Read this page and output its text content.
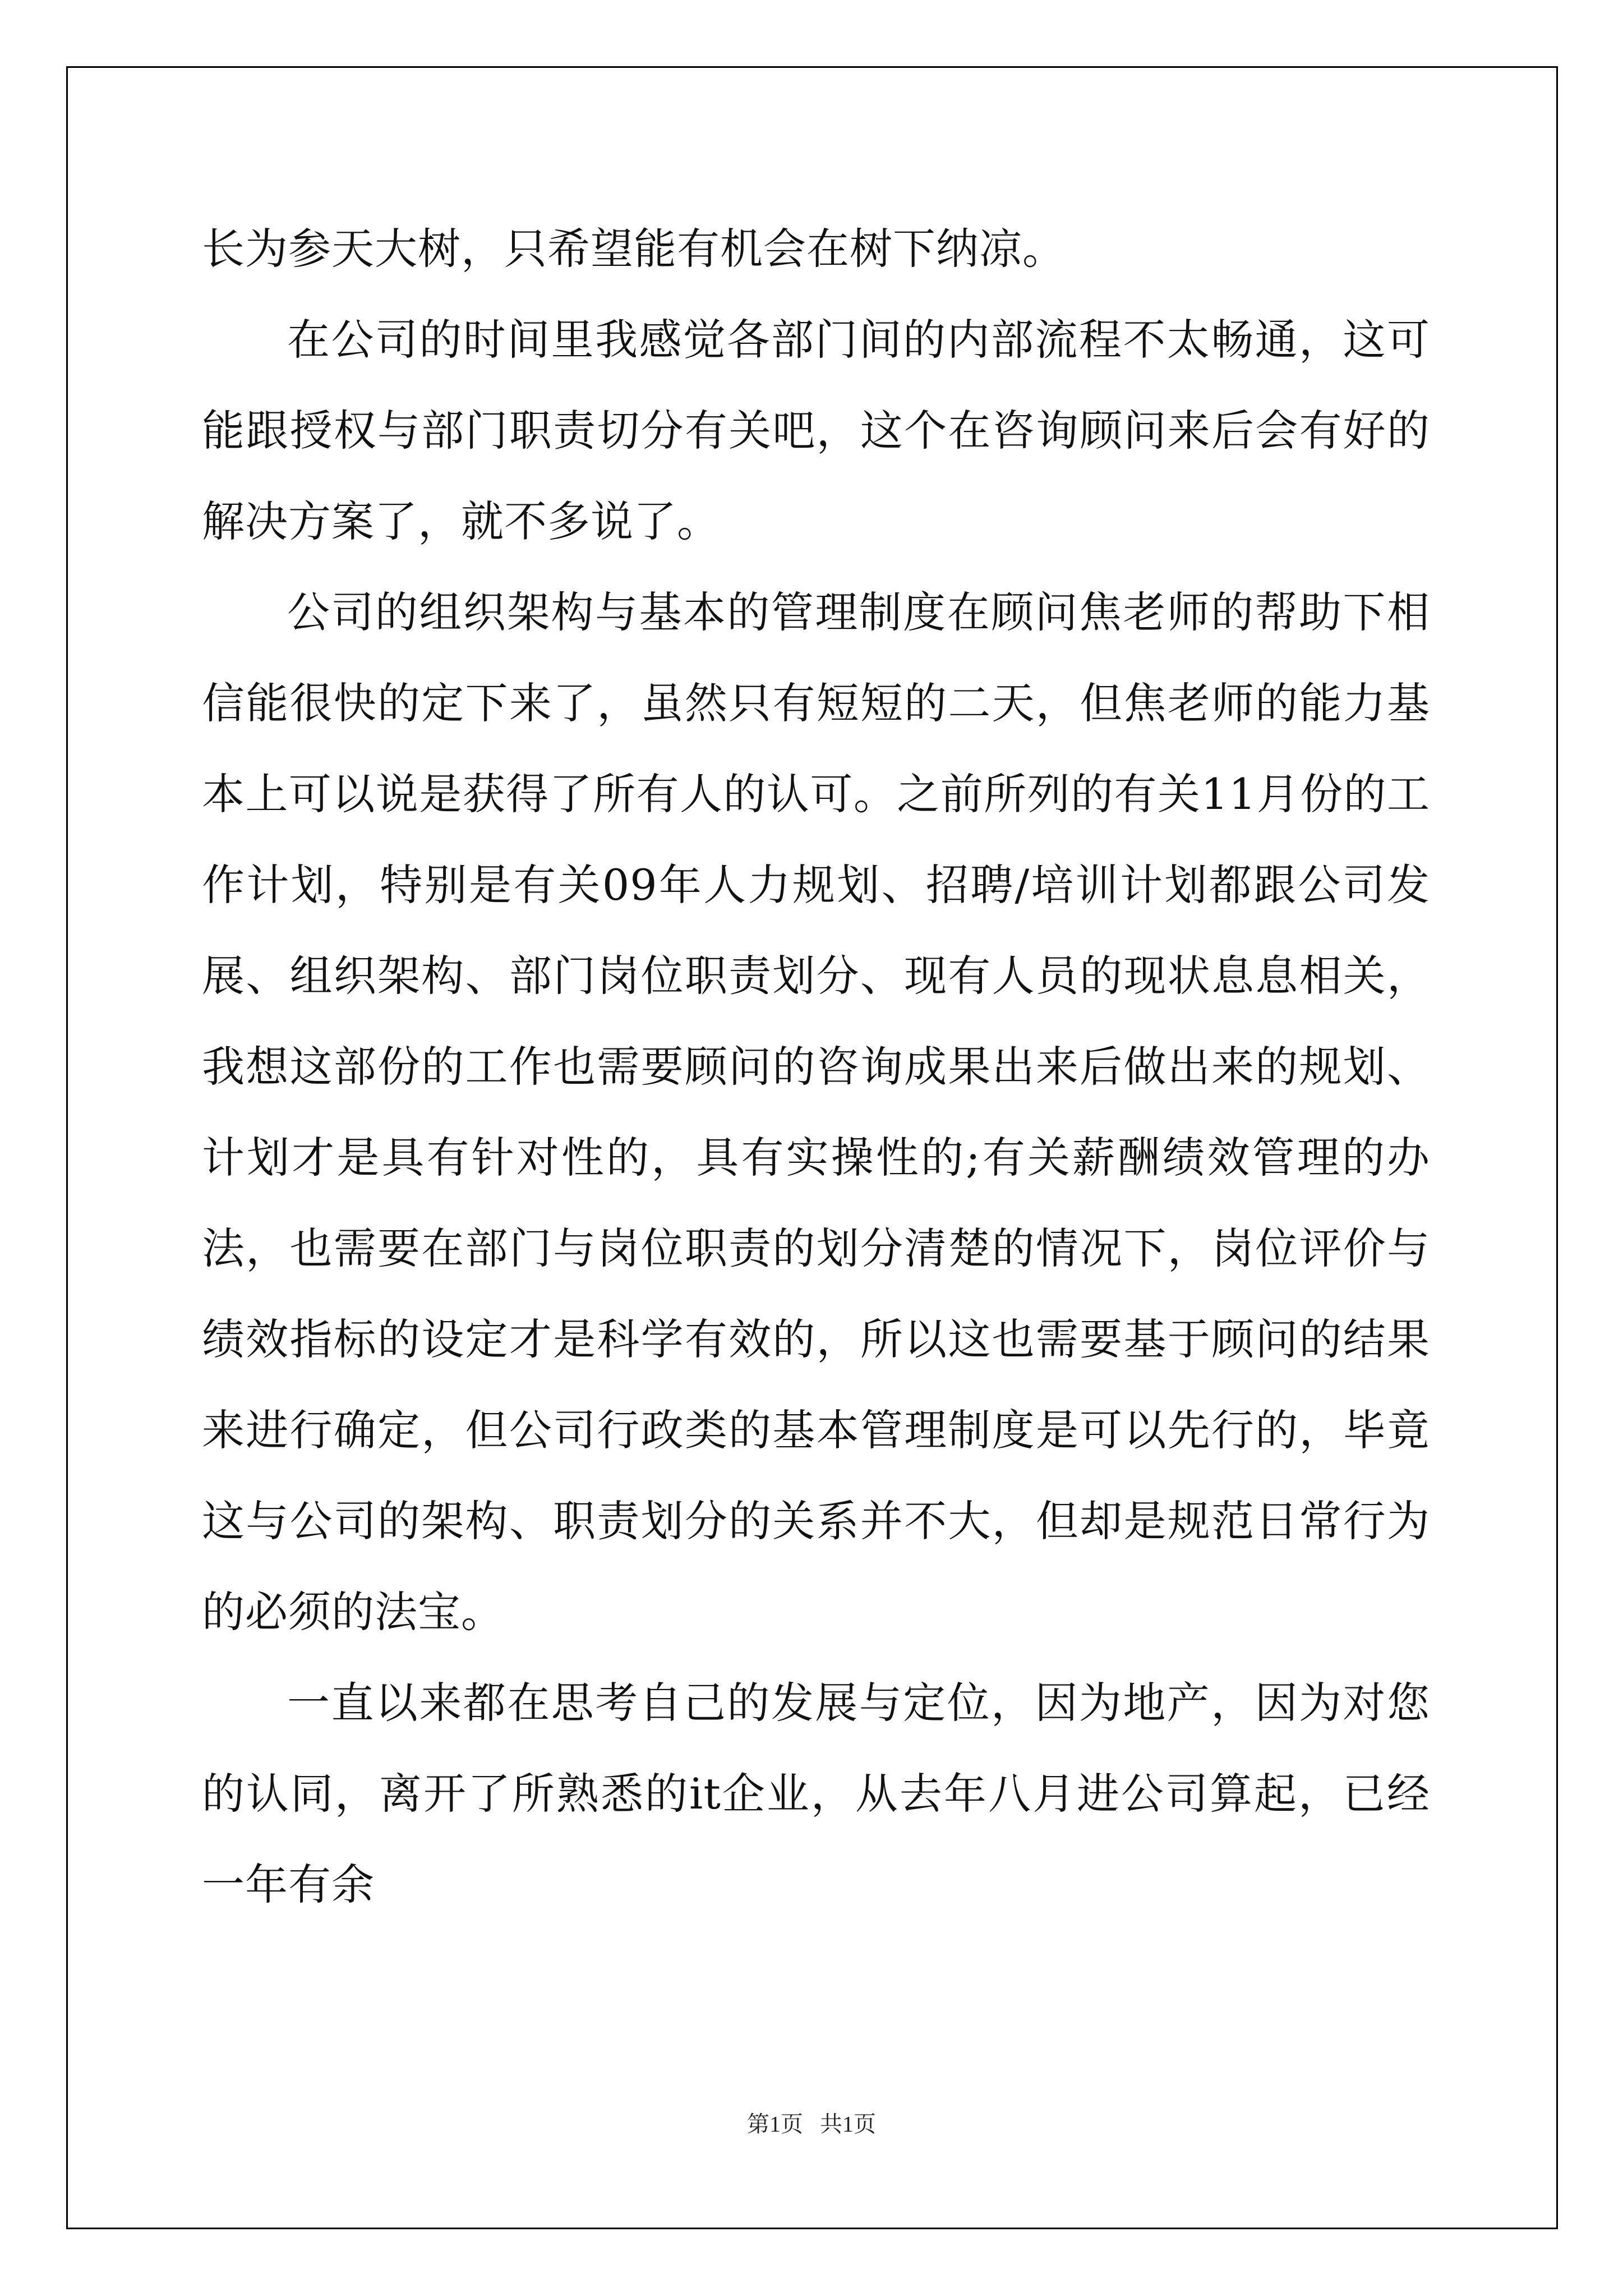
长为参天大树，只希望能有机会在树下纳凉。

在公司的时间里我感觉各部门间的内部流程不太畅通，这可能跟授权与部门职责切分有关吧，这个在咨询顾问来后会有好的解决方案了，就不多说了。

公司的组织架构与基本的管理制度在顾问焦老师的帮助下相信能很快的定下来了，虽然只有短短的二天，但焦老师的能力基本上可以说是获得了所有人的认可。之前所列的有关11月份的工作计划，特别是有关09年人力规划、招聘/培训计划都跟公司发展、组织架构、部门岗位职责划分、现有人员的现状息息相关，我想这部份的工作也需要顾问的咨询成果出来后做出来的规划、计划才是具有针对性的，具有实操性的;有关薪酬绩效管理的办法，也需要在部门与岗位职责的划分清楚的情况下，岗位评价与绩效指标的设定才是科学有效的，所以这也需要基于顾问的结果来进行确定，但公司行政类的基本管理制度是可以先行的，毕竟这与公司的架构、职责划分的关系并不大，但却是规范日常行为的必须的法宝。

一直以来都在思考自己的发展与定位，因为地产，因为对您的认同，离开了所熟悉的it企业，从去年八月进公司算起，已经一年有余

第1页   共1页
